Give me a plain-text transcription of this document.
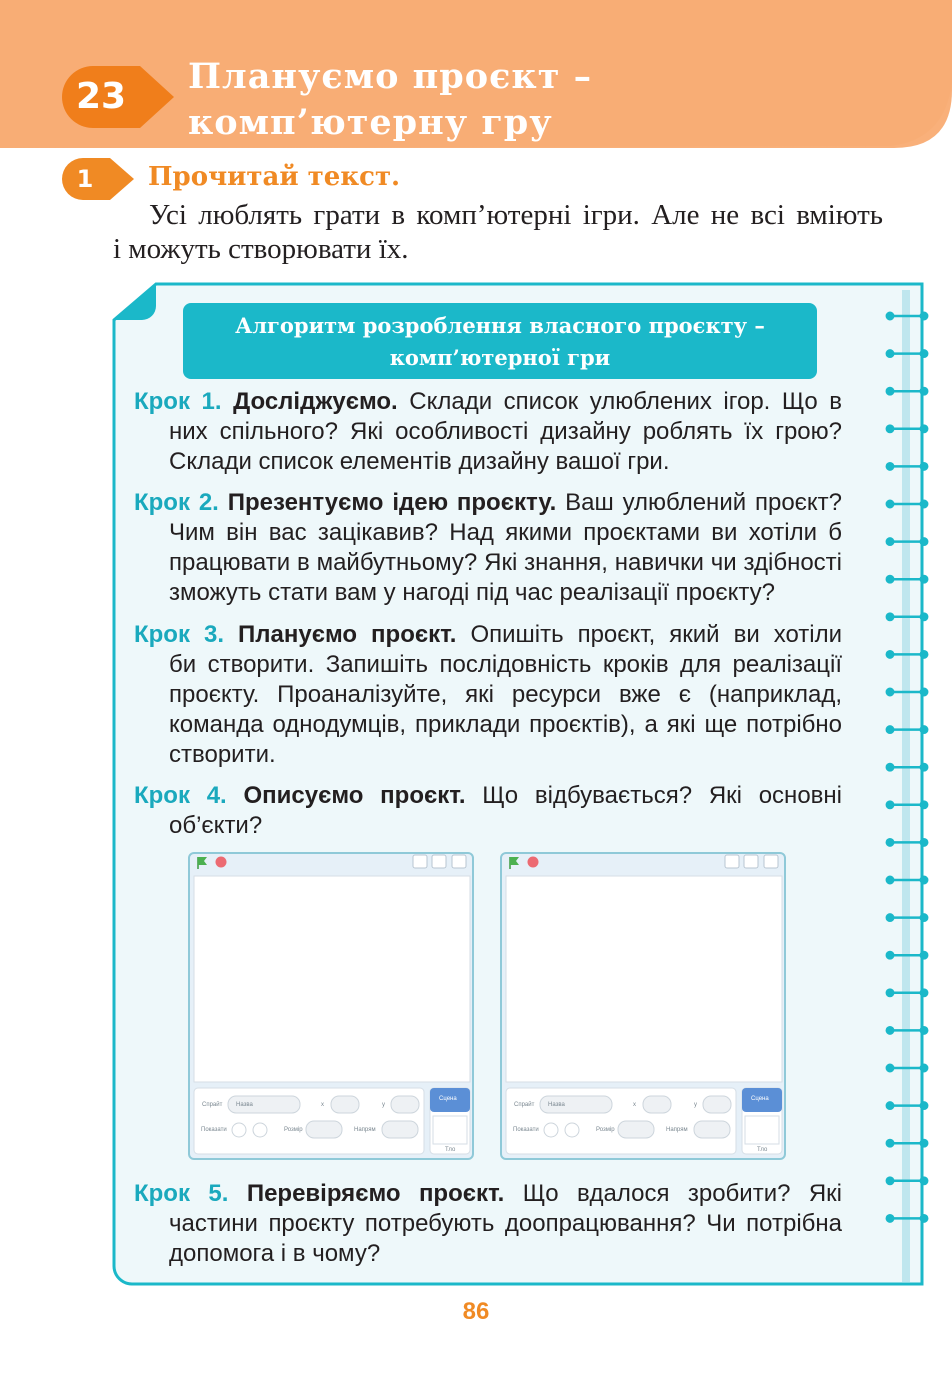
23	Плануємо проєкт –
комп’ютерну гру
1	Прочитай текст.
Усі люблять грати в комп’ютерні ігри. Але не всі вміють
і можуть створювати їх.
Алгоритм розроблення власного проєкту –
комп’ютерної гри
Крок 1. Досліджуємо. Склади список улюблених ігор. Що в
них спільного? Які особливості дизайну роблять їх грою?
Склади список елементів дизайну вашої гри.
Крок 2. Презентуємо ідею проєкту. Ваш улюблений проєкт?
Чим він вас зацікавив? Над якими проєктами ви хотіли б
працювати в майбутньому? Які знання, навички чи здібності
зможуть стати вам у нагоді під час реалізації проєкту?
Крок 3. Плануємо проєкт. Опишіть проєкт, який ви хотіли
би створити. Запишіть послідовність кроків для реалізації
проєкту. Проаналізуйте, які ресурси вже є (наприклад,
команда однодумців, приклади проєктів), а які ще потрібно
створити.
Крок 4. Описуємо проєкт. Що відбувається? Які основні
об’єкти?
Спрайт Назва	x	y
Показати	Розмір	Напрям
Сцена
Тло
Спрайт Назва	x	y
Показати	Розмір	Напрям
Сцена
Тло
Крок 5. Перевіряємо проєкт. Що вдалося зробити? Які
частини проєкту потребують доопрацювання? Чи потрібна
допомога і в чому?
86
